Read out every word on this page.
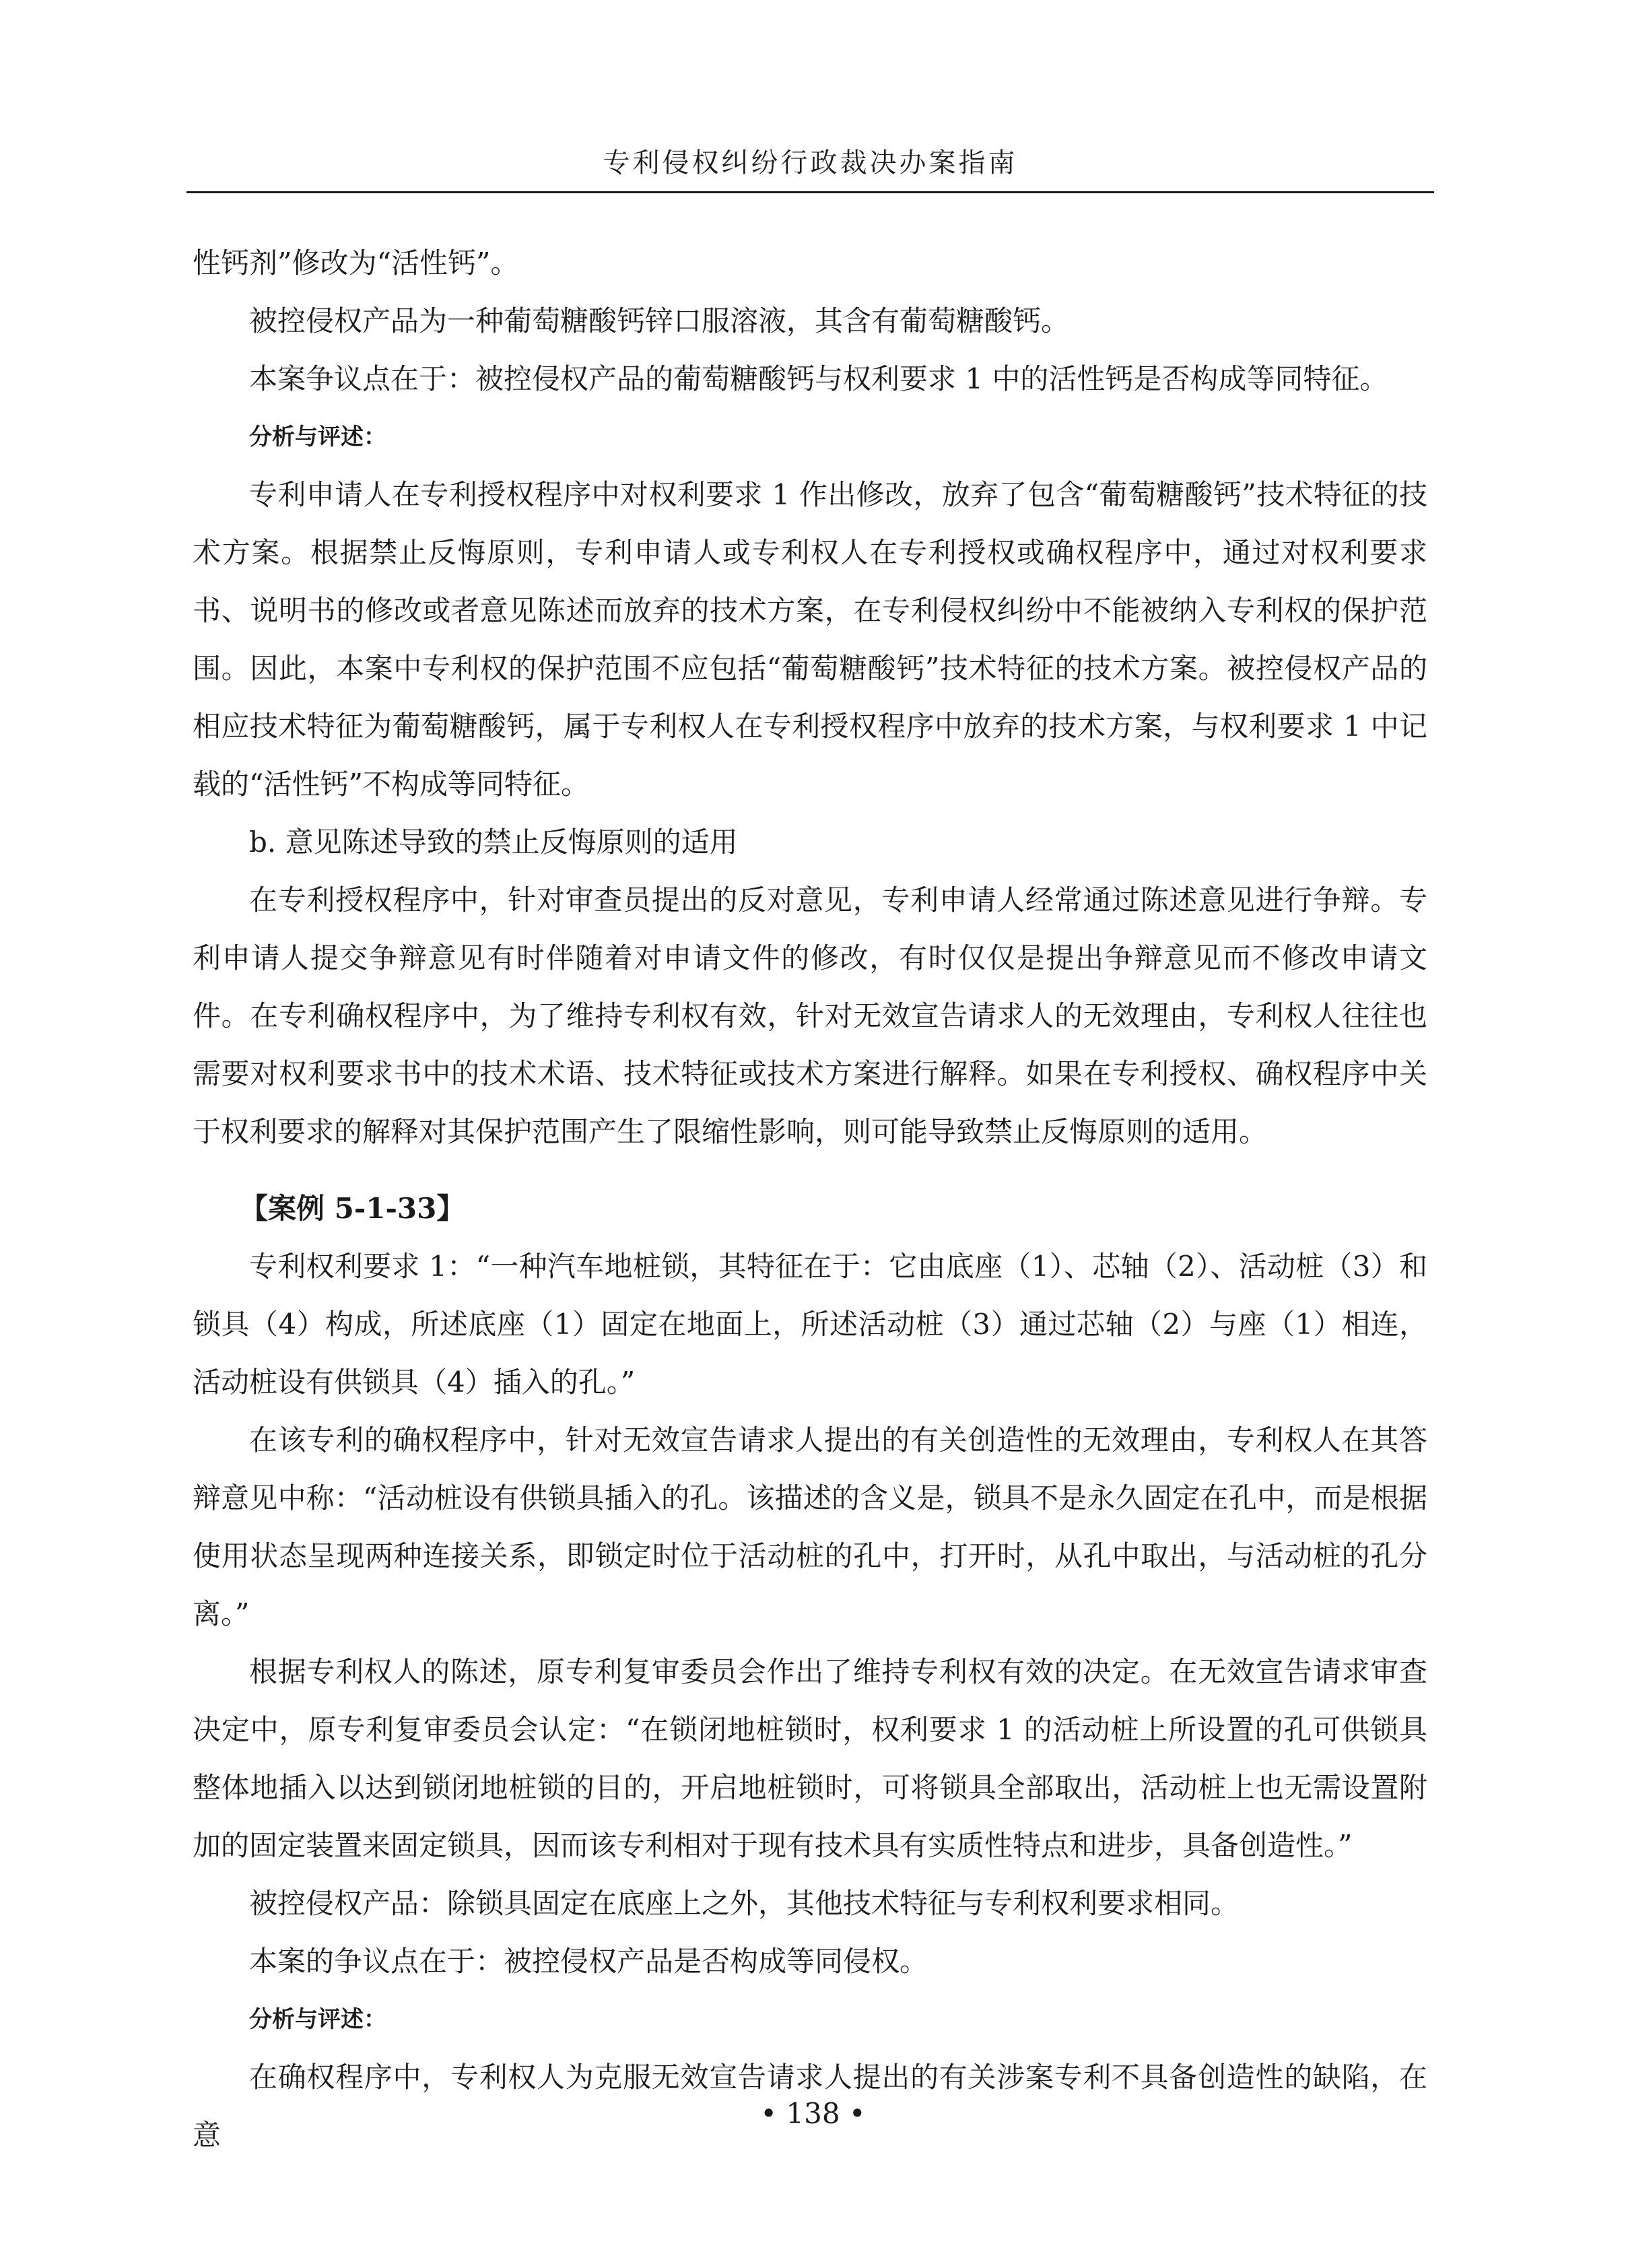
专利侵权纠纷行政裁决办案指南

性钙剂”修改为“活性钙”。

被控侵权产品为一种葡萄糖酸钙锌口服溶液，其含有葡萄糖酸钙。

本案争议点在于：被控侵权产品的葡萄糖酸钙与权利要求 1 中的活性钙是否构成等同特征。

分析与评述：

专利申请人在专利授权程序中对权利要求 1 作出修改，放弃了包含“葡萄糖酸钙”技术特征的技术方案。根据禁止反悔原则，专利申请人或专利权人在专利授权或确权程序中，通过对权利要求书、说明书的修改或者意见陈述而放弃的技术方案，在专利侵权纠纷中不能被纳入专利权的保护范围。因此，本案中专利权的保护范围不应包括“葡萄糖酸钙”技术特征的技术方案。被控侵权产品的相应技术特征为葡萄糖酸钙，属于专利权人在专利授权程序中放弃的技术方案，与权利要求 1 中记载的“活性钙”不构成等同特征。

b. 意见陈述导致的禁止反悔原则的适用

在专利授权程序中，针对审查员提出的反对意见，专利申请人经常通过陈述意见进行争辩。专利申请人提交争辩意见有时伴随着对申请文件的修改，有时仅仅是提出争辩意见而不修改申请文件。在专利确权程序中，为了维持专利权有效，针对无效宣告请求人的无效理由，专利权人往往也需要对权利要求书中的技术术语、技术特征或技术方案进行解释。如果在专利授权、确权程序中关于权利要求的解释对其保护范围产生了限缩性影响，则可能导致禁止反悔原则的适用。

【案例 5-1-33】

专利权利要求 1：“一种汽车地桩锁，其特征在于：它由底座（1）、芯轴（2）、活动桩（3）和锁具（4）构成，所述底座（1）固定在地面上，所述活动桩（3）通过芯轴（2）与座（1）相连，活动桩设有供锁具（4）插入的孔。”

在该专利的确权程序中，针对无效宣告请求人提出的有关创造性的无效理由，专利权人在其答辩意见中称：“活动桩设有供锁具插入的孔。该描述的含义是，锁具不是永久固定在孔中，而是根据使用状态呈现两种连接关系，即锁定时位于活动桩的孔中，打开时，从孔中取出，与活动桩的孔分离。”

根据专利权人的陈述，原专利复审委员会作出了维持专利权有效的决定。在无效宣告请求审查决定中，原专利复审委员会认定：“在锁闭地桩锁时，权利要求 1 的活动桩上所设置的孔可供锁具整体地插入以达到锁闭地桩锁的目的，开启地桩锁时，可将锁具全部取出，活动桩上也无需设置附加的固定装置来固定锁具，因而该专利相对于现有技术具有实质性特点和进步，具备创造性。”

被控侵权产品：除锁具固定在底座上之外，其他技术特征与专利权利要求相同。

本案的争议点在于：被控侵权产品是否构成等同侵权。

分析与评述：

在确权程序中，专利权人为克服无效宣告请求人提出的有关涉案专利不具备创造性的缺陷，在意

• 138 •
